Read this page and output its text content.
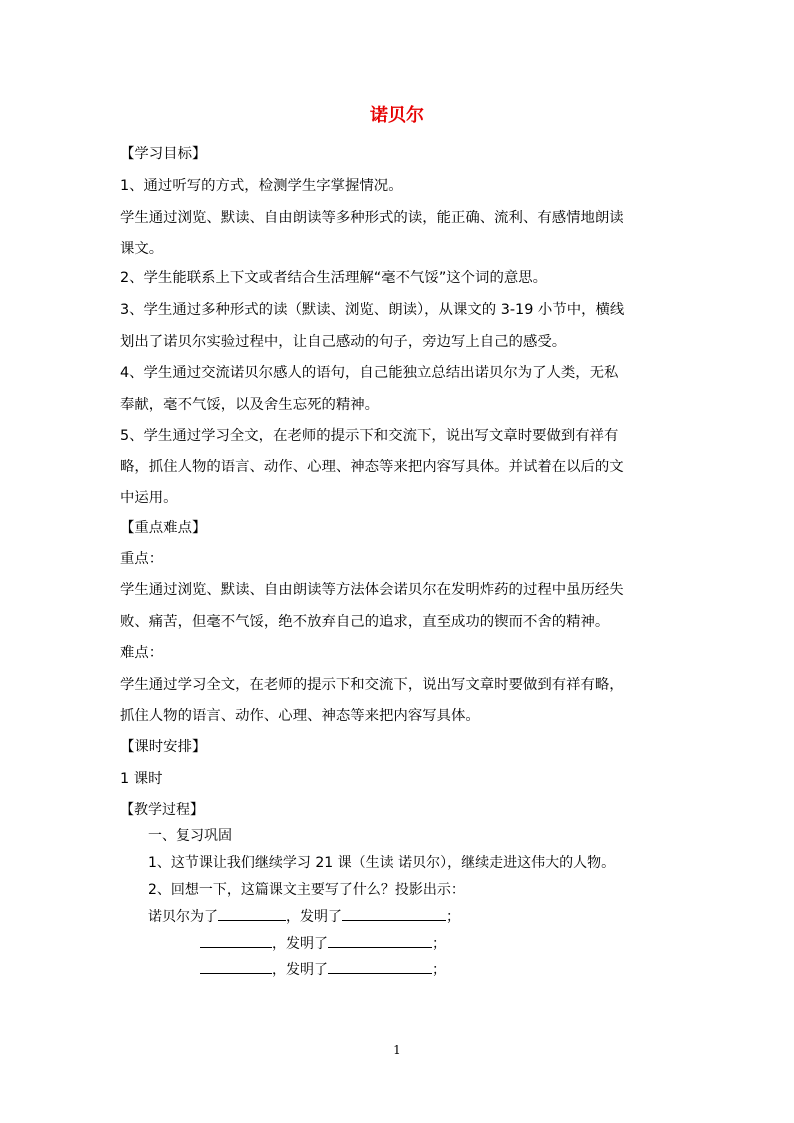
诺贝尔
【学习目标】
1、通过听写的方式，检测学生字掌握情况。
学生通过浏览、默读、自由朗读等多种形式的读，能正确、流利、有感情地朗读
课文。
2、学生能联系上下文或者结合生活理解“毫不气馁”这个词的意思。
3、学生通过多种形式的读（默读、浏览、朗读），从课文的 3-19 小节中，横线
划出了诺贝尔实验过程中，让自己感动的句子，旁边写上自己的感受。
4、学生通过交流诺贝尔感人的语句，自己能独立总结出诺贝尔为了人类，无私
奉献，毫不气馁，以及舍生忘死的精神。
5、学生通过学习全文，在老师的提示下和交流下，说出写文章时要做到有祥有
略，抓住人物的语言、动作、心理、神态等来把内容写具体。并试着在以后的文
中运用。
【重点难点】
重点：
学生通过浏览、默读、自由朗读等方法体会诺贝尔在发明炸药的过程中虽历经失
败、痛苦，但毫不气馁，绝不放弃自己的追求，直至成功的锲而不舍的精神。
难点：
学生通过学习全文，在老师的提示下和交流下，说出写文章时要做到有祥有略，
抓住人物的语言、动作、心理、神态等来把内容写具体。
【课时安排】
1 课时
【教学过程】
一、复习巩固
1、这节课让我们继续学习 21 课（生读 诺贝尔），继续走进这伟大的人物。
2、回想一下，这篇课文主要写了什么？投影出示：
诺贝尔为了	，发明了	；
，发明了	；
，发明了	；
1
